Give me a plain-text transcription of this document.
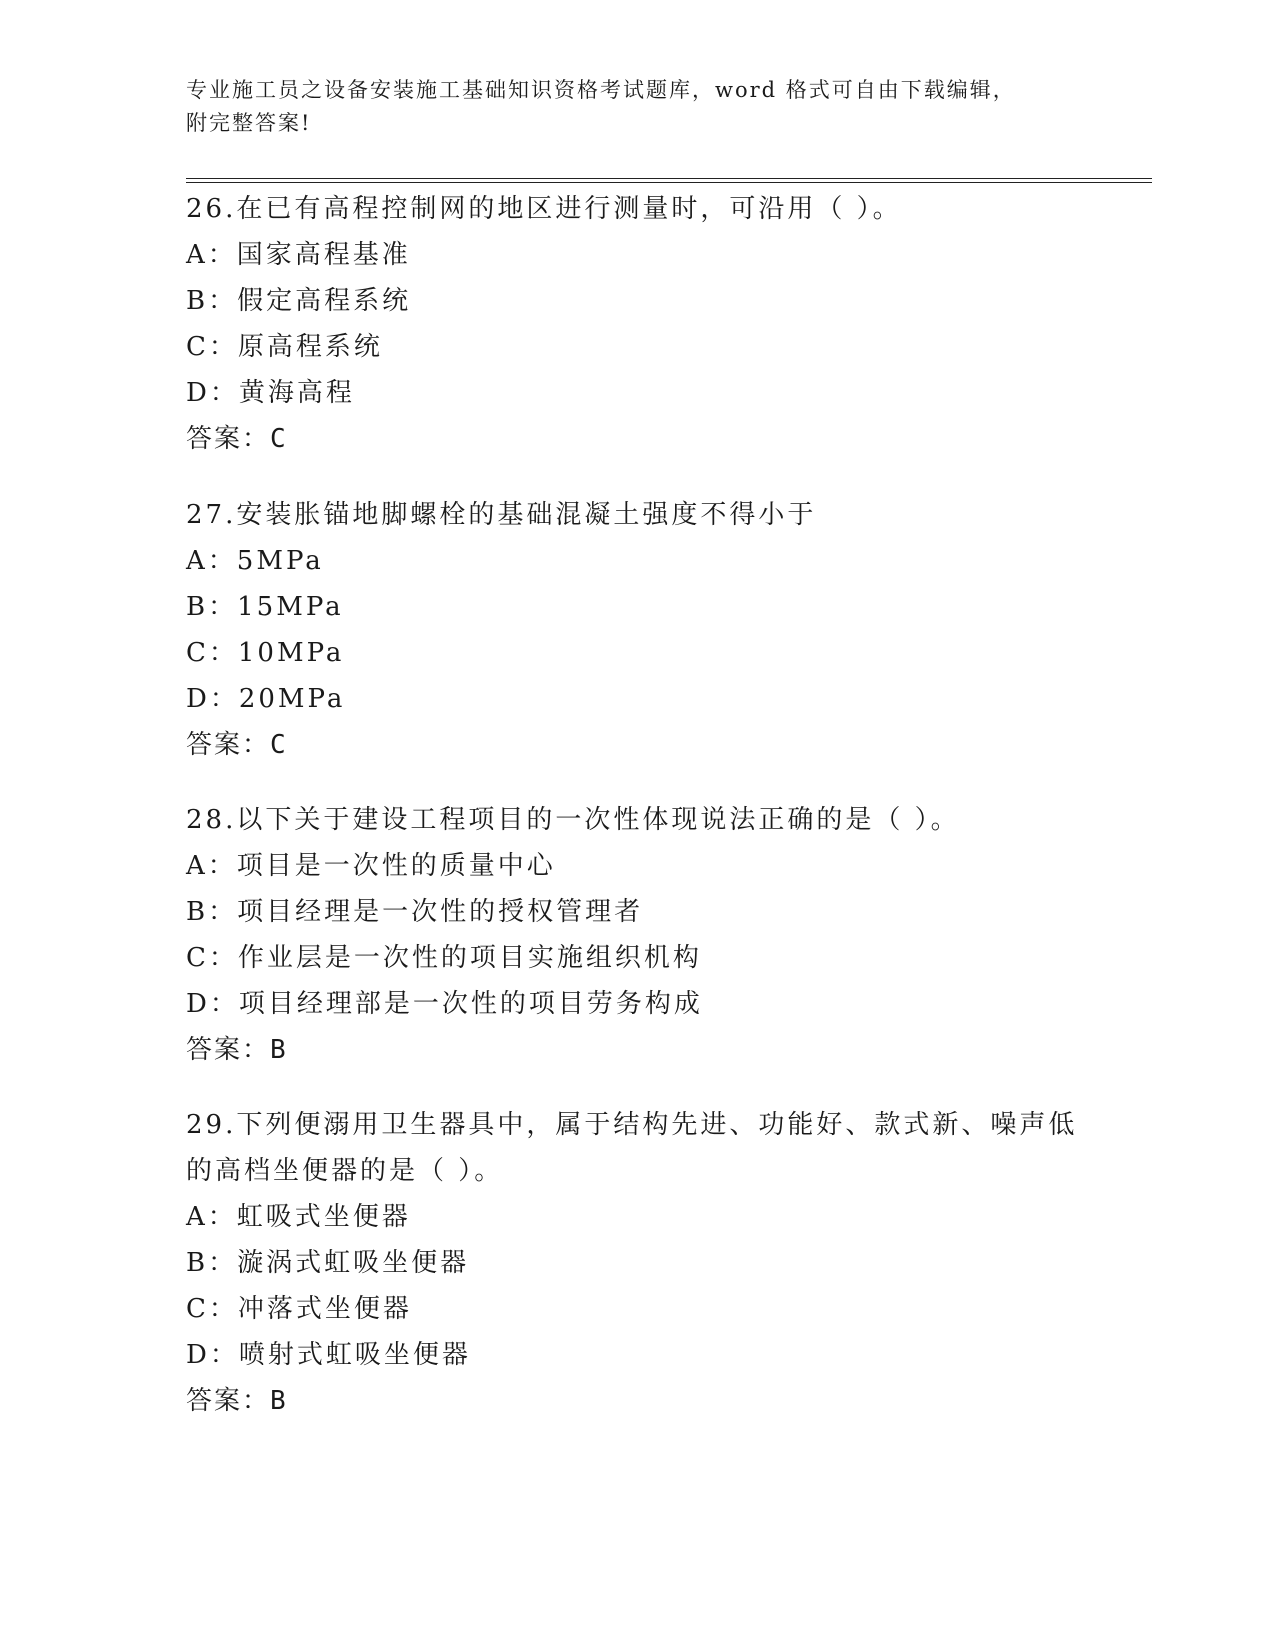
专业施工员之设备安装施工基础知识资格考试题库，word 格式可自由下载编辑，
附完整答案!

26.在已有高程控制网的地区进行测量时，可沿用（ ）。

A：国家高程基准

B：假定高程系统

C：原高程系统

D：黄海高程

答案：C

27.安装胀锚地脚螺栓的基础混凝土强度不得小于

A：5MPa

B：15MPa

C：10MPa

D：20MPa

答案：C

28.以下关于建设工程项目的一次性体现说法正确的是（ ）。

A：项目是一次性的质量中心

B：项目经理是一次性的授权管理者

C：作业层是一次性的项目实施组织机构

D：项目经理部是一次性的项目劳务构成

答案：B

29.下列便溺用卫生器具中，属于结构先进、功能好、款式新、噪声低

的高档坐便器的是（ ）。

A：虹吸式坐便器

B：漩涡式虹吸坐便器

C：冲落式坐便器

D：喷射式虹吸坐便器

答案：B
